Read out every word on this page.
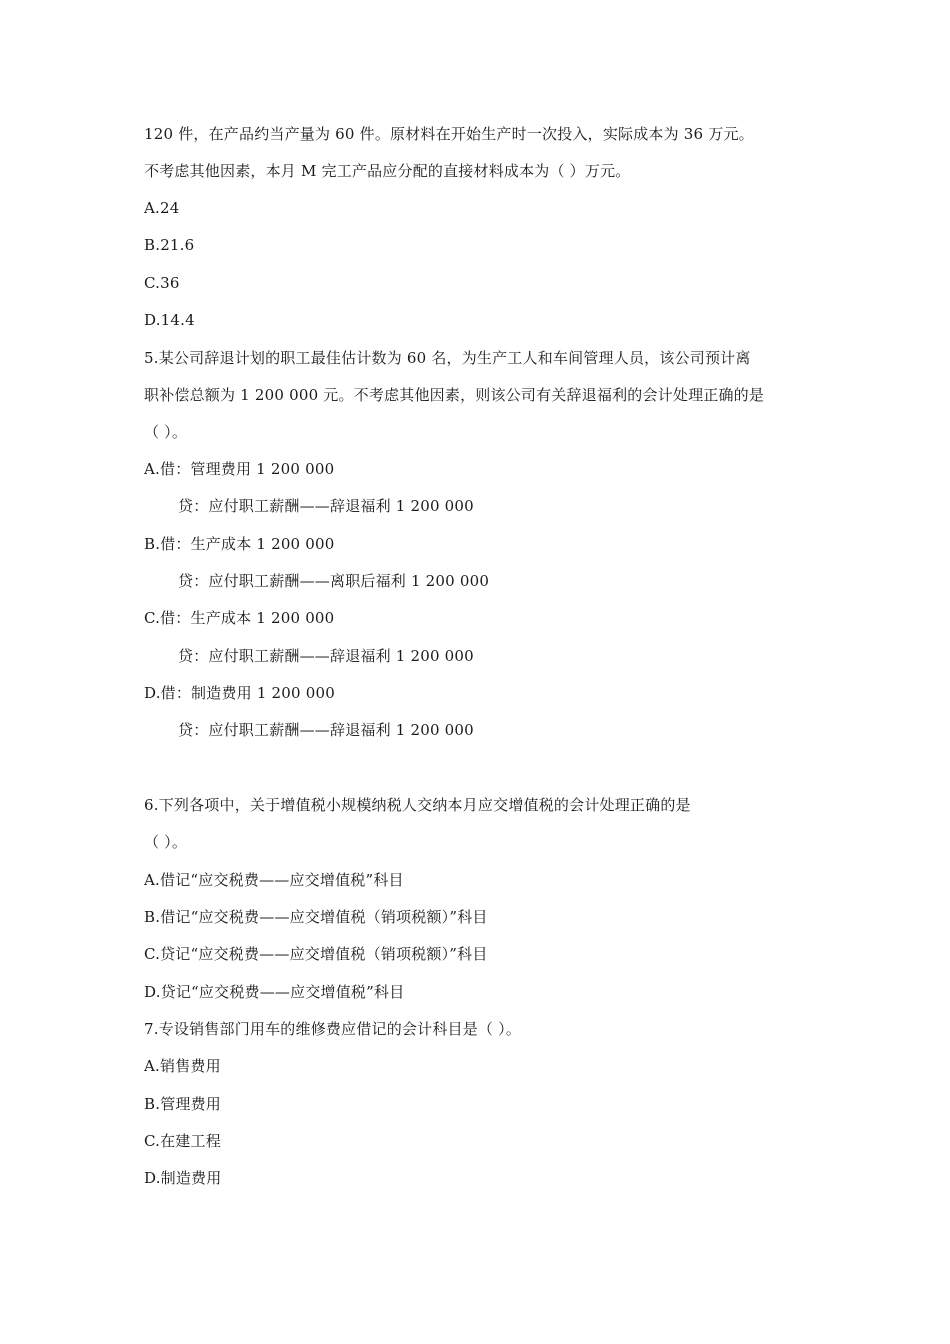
120 件，在产品约当产量为 60 件。原材料在开始生产时一次投入，实际成本为 36 万元。
不考虑其他因素，本月 M 完工产品应分配的直接材料成本为（ ）万元。
A.24
B.21.6
C.36
D.14.4
5.某公司辞退计划的职工最佳估计数为 60 名，为生产工人和车间管理人员，该公司预计离
职补偿总额为 1 200 000 元。不考虑其他因素，则该公司有关辞退福利的会计处理正确的是
（ ）。
A.借：管理费用 1 200 000
贷：应付职工薪酬——辞退福利 1 200 000
B.借：生产成本 1 200 000
贷：应付职工薪酬——离职后福利 1 200 000
C.借：生产成本 1 200 000
贷：应付职工薪酬——辞退福利 1 200 000
D.借：制造费用 1 200 000
贷：应付职工薪酬——辞退福利 1 200 000
6.下列各项中，关于增值税小规模纳税人交纳本月应交增值税的会计处理正确的是
（ ）。
A.借记“应交税费——应交增值税”科目
B.借记“应交税费——应交增值税（销项税额）”科目
C.贷记“应交税费——应交增值税（销项税额）”科目
D.贷记“应交税费——应交增值税”科目
7.专设销售部门用车的维修费应借记的会计科目是（ ）。
A.销售费用
B.管理费用
C.在建工程
D.制造费用
